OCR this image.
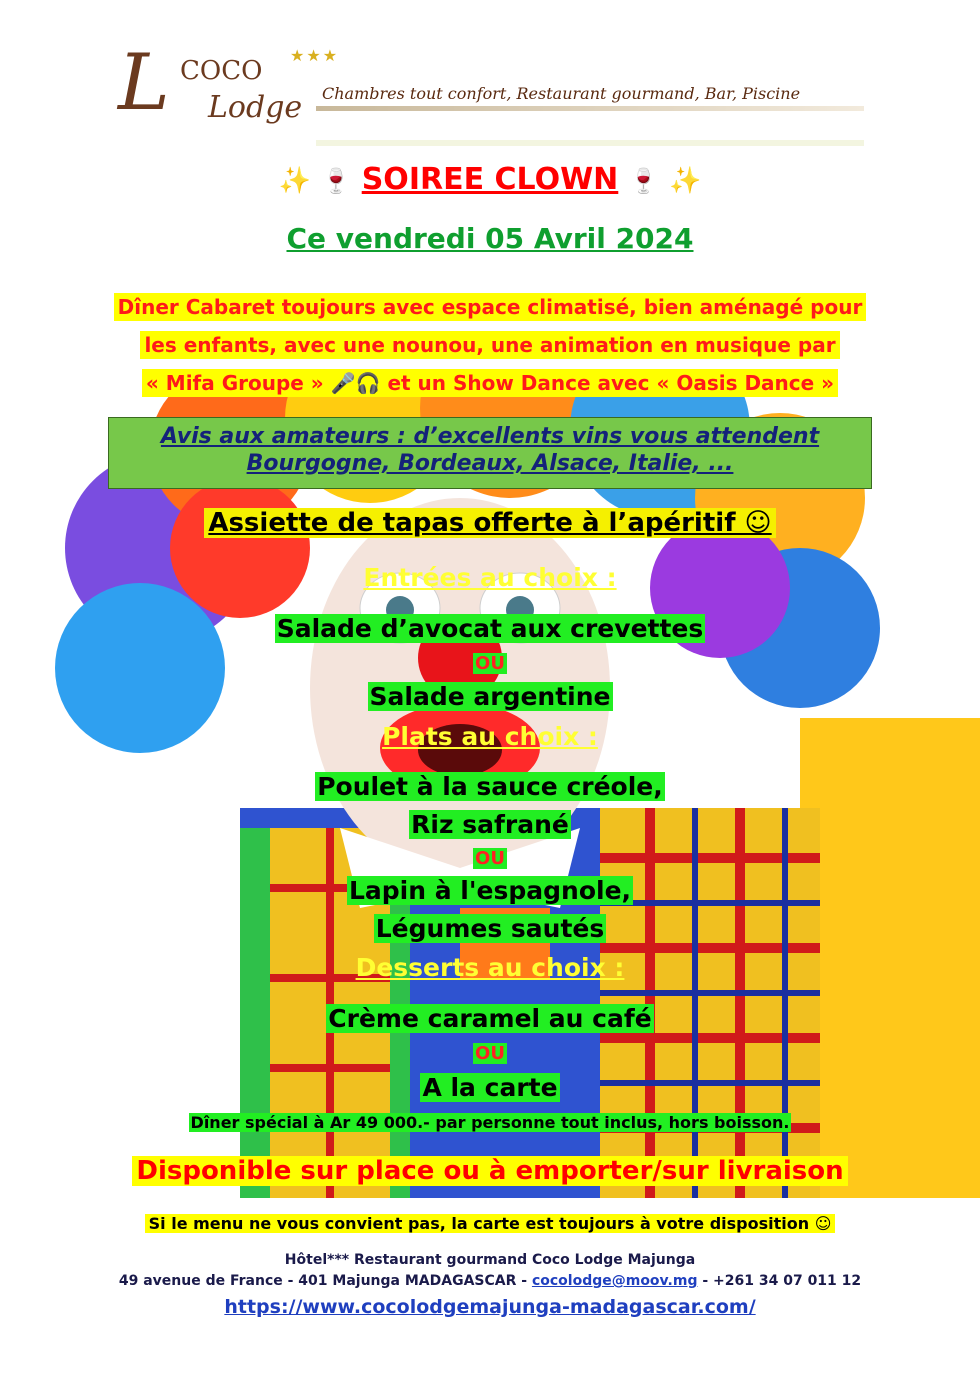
L COCO
Lodge
★★★
Chambres tout confort, Restaurant gourmand, Bar, Piscine
✨ 🍷 SOIREE CLOWN 🍷 ✨
Ce vendredi 05 Avril 2024
Dîner Cabaret toujours avec espace climatisé, bien aménagé pour
les enfants, avec une nounou, une animation en musique par
« Mifa Groupe » 🎤🎧 et un Show Dance avec « Oasis Dance »
Avis aux amateurs : d’excellents vins vous attendent
Bourgogne, Bordeaux, Alsace, Italie, ...
Assiette de tapas offerte à l’apéritif ☺
Entrées au choix :
Salade d’avocat aux crevettes
OU
Salade argentine
Plats au choix :
Poulet à la sauce créole,
Riz safrané
OU
Lapin à l'espagnole,
Légumes sautés
Desserts au choix :
Crème caramel au café
OU
A la carte
Dîner spécial à Ar 49 000.- par personne tout inclus, hors boisson.
Disponible sur place ou à emporter/sur livraison
Si le menu ne vous convient pas, la carte est toujours à votre disposition ☺
Hôtel*** Restaurant gourmand Coco Lodge Majunga
49 avenue de France - 401 Majunga MADAGASCAR - cocolodge@moov.mg - +261 34 07 011 12
https://www.cocolodgemajunga-madagascar.com/
